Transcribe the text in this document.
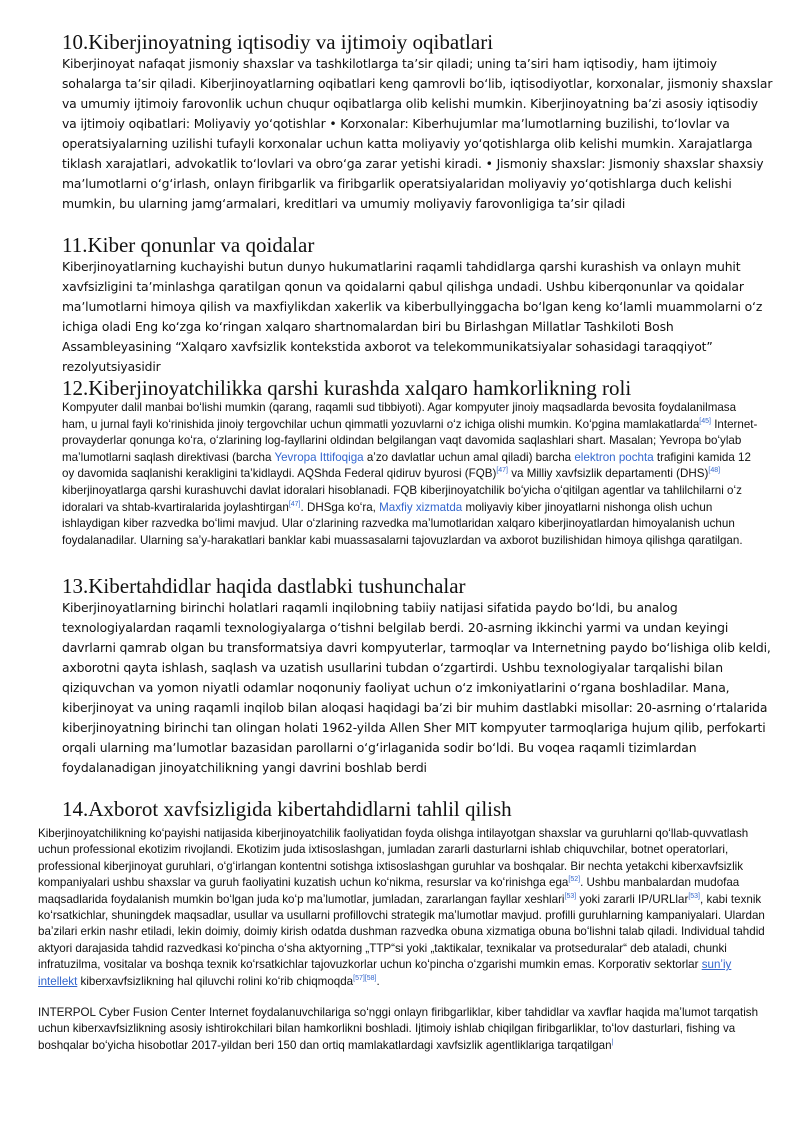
10.Kiberjinoyatning iqtisodiy va ijtimoiy oqibatlari

Kiberjinoyat nafaqat jismoniy shaxslar va tashkilotlarga taʼsir qiladi; uning taʼsiri ham iqtisodiy, ham ijtimoiy sohalarga taʼsir qiladi. Kiberjinoyatlarning oqibatlari keng qamrovli boʻlib, iqtisodiyotlar, korxonalar, jismoniy shaxslar va umumiy ijtimoiy farovonlik uchun chuqur oqibatlarga olib kelishi mumkin. Kiberjinoyatning baʼzi asosiy iqtisodiy va ijtimoiy oqibatlari: Moliyaviy yoʻqotishlar • Korxonalar: Kiberhujumlar maʼlumotlarning buzilishi, toʻlovlar va operatsiyalarning uzilishi tufayli korxonalar uchun katta moliyaviy yoʻqotishlarga olib kelishi mumkin. Xarajatlarga tiklash xarajatlari, advokatlik toʻlovlari va obroʻga zarar yetishi kiradi. • Jismoniy shaxslar: Jismoniy shaxslar shaxsiy maʼlumotlarni oʻgʻirlash, onlayn firibgarlik va firibgarlik operatsiyalaridan moliyaviy yoʻqotishlarga duch kelishi mumkin, bu ularning jamgʻarmalari, kreditlari va umumiy moliyaviy farovonligiga taʼsir qiladi

11.Kiber qonunlar va qoidalar

Kiberjinoyatlarning kuchayishi butun dunyo hukumatlarini raqamli tahdidlarga qarshi kurashish va onlayn muhit xavfsizligini taʼminlashga qaratilgan qonun va qoidalarni qabul qilishga undadi. Ushbu kiberqonunlar va qoidalar maʼlumotlarni himoya qilish va maxfiylikdan xakerlik va kiberbullyinggacha boʻlgan keng koʻlamli muammolarni oʻz ichiga oladi Eng koʻzga koʻringan xalqaro shartnomalardan biri bu Birlashgan Millatlar Tashkiloti Bosh Assambleyasining “Xalqaro xavfsizlik kontekstida axborot va telekommunikatsiyalar sohasidagi taraqqiyot” rezolyutsiyasidir

12.Kiberjinoyatchilikka qarshi kurashda xalqaro hamkorlikning roli

Kompyuter dalil manbai boʻlishi mumkin (qarang, raqamli sud tibbiyoti). Agar kompyuter jinoiy maqsadlarda bevosita foydalanilmasa ham, u jurnal fayli koʻrinishida jinoiy tergovchilar uchun qimmatli yozuvlarni oʻz ichiga olishi mumkin. Koʻpgina mamlakatlarda[45] Internet-provayderlar qonunga koʻra, oʻzlarining log-fayllarini oldindan belgilangan vaqt davomida saqlashlari shart. Masalan; Yevropa boʻylab maʼlumotlarni saqlash direktivasi (barcha Yevropa Ittifoqiga aʼzo davlatlar uchun amal qiladi) barcha elektron pochta trafigini kamida 12 oy davomida saqlanishi kerakligini taʼkidlaydi. AQShda Federal qidiruv byurosi (FQB)[47] va Milliy xavfsizlik departamenti (DHS)[48] kiberjinoyatlarga qarshi kurashuvchi davlat idoralari hisoblanadi. FQB kiberjinoyatchilik boʻyicha oʻqitilgan agentlar va tahlilchilarni oʻz idoralari va shtab-kvartiralarida joylashtirgan[47]. DHSga koʻra, Maxfiy xizmatda moliyaviy kiber jinoyatlarni nishonga olish uchun ishlaydigan kiber razvedka boʻlimi mavjud. Ular oʻzlarining razvedka maʼlumotlaridan xalqaro kiberjinoyatlardan himoyalanish uchun foydalanadilar. Ularning saʼy-harakatlari banklar kabi muassasalarni tajovuzlardan va axborot buzilishidan himoya qilishga qaratilgan.

13.Kibertahdidlar haqida dastlabki tushunchalar

Kiberjinoyatlarning birinchi holatlari raqamli inqilobning tabiiy natijasi sifatida paydo boʻldi, bu analog texnologiyalardan raqamli texnologiyalarga oʻtishni belgilab berdi. 20-asrning ikkinchi yarmi va undan keyingi davrlarni qamrab olgan bu transformatsiya davri kompyuterlar, tarmoqlar va Internetning paydo boʻlishiga olib keldi, axborotni qayta ishlash, saqlash va uzatish usullarini tubdan oʻzgartirdi. Ushbu texnologiyalar tarqalishi bilan qiziquvchan va yomon niyatli odamlar noqonuniy faoliyat uchun oʻz imkoniyatlarini oʻrgana boshladilar. Mana, kiberjinoyat va uning raqamli inqilob bilan aloqasi haqidagi baʼzi bir muhim dastlabki misollar: 20-asrning oʻrtalarida kiberjinoyatning birinchi tan olingan holati 1962-yilda Allen Sher MIT kompyuter tarmoqlariga hujum qilib, perfokarti orqali ularning maʼlumotlar bazasidan parollarni oʻgʻirlaganida sodir boʻldi. Bu voqea raqamli tizimlardan foydalanadigan jinoyatchilikning yangi davrini boshlab berdi

14.Axborot xavfsizligida kibertahdidlarni tahlil qilish

Kiberjinoyatchilikning koʻpayishi natijasida kiberjinoyatchilik faoliyatidan foyda olishga intilayotgan shaxslar va guruhlarni qoʻllab-quvvatlash uchun professional ekotizim rivojlandi. Ekotizim juda ixtisoslashgan, jumladan zararli dasturlarni ishlab chiquvchilar, botnet operatorlari, professional kiberjinoyat guruhlari, oʻgʻirlangan kontentni sotishga ixtisoslashgan guruhlar va boshqalar. Bir nechta yetakchi kiberxavfsizlik kompaniyalari ushbu shaxslar va guruh faoliyatini kuzatish uchun koʻnikma, resurslar va koʻrinishga ega[52]. Ushbu manbalardan mudofaa maqsadlarida foydalanish mumkin boʻlgan juda koʻp maʼlumotlar, jumladan, zararlangan fayllar xeshlari[53] yoki zararli IP/URLlar[53], kabi texnik koʻrsatkichlar, shuningdek maqsadlar, usullar va usullarni profillovchi strategik maʼlumotlar mavjud. profilli guruhlarning kampaniyalari. Ulardan baʼzilari erkin nashr etiladi, lekin doimiy, doimiy kirish odatda dushman razvedka obuna xizmatiga obuna boʻlishni talab qiladi. Individual tahdid aktyori darajasida tahdid razvedkasi koʻpincha oʻsha aktyorning „TTP“si yoki „taktikalar, texnikalar va protseduralar“ deb ataladi, chunki infratuzilma, vositalar va boshqa texnik koʻrsatkichlar tajovuzkorlar uchun koʻpincha oʻzgarishi mumkin emas. Korporativ sektorlar sunʼiy intellekt kiberxavfsizlikning hal qiluvchi rolini koʻrib chiqmoqda[57][58].

INTERPOL Cyber Fusion Center Internet foydalanuvchilariga soʻnggi onlayn firibgarliklar, kiber tahdidlar va xavflar haqida maʼlumot tarqatish uchun kiberxavfsizlikning asosiy ishtirokchilari bilan hamkorlikni boshladi. Ijtimoiy ishlab chiqilgan firibgarliklar, toʻlov dasturlari, fishing va boshqalar boʻyicha hisobotlar 2017-yildan beri 150 dan ortiq mamlakatlardagi xavfsizlik agentliklariga tarqatilgan|
